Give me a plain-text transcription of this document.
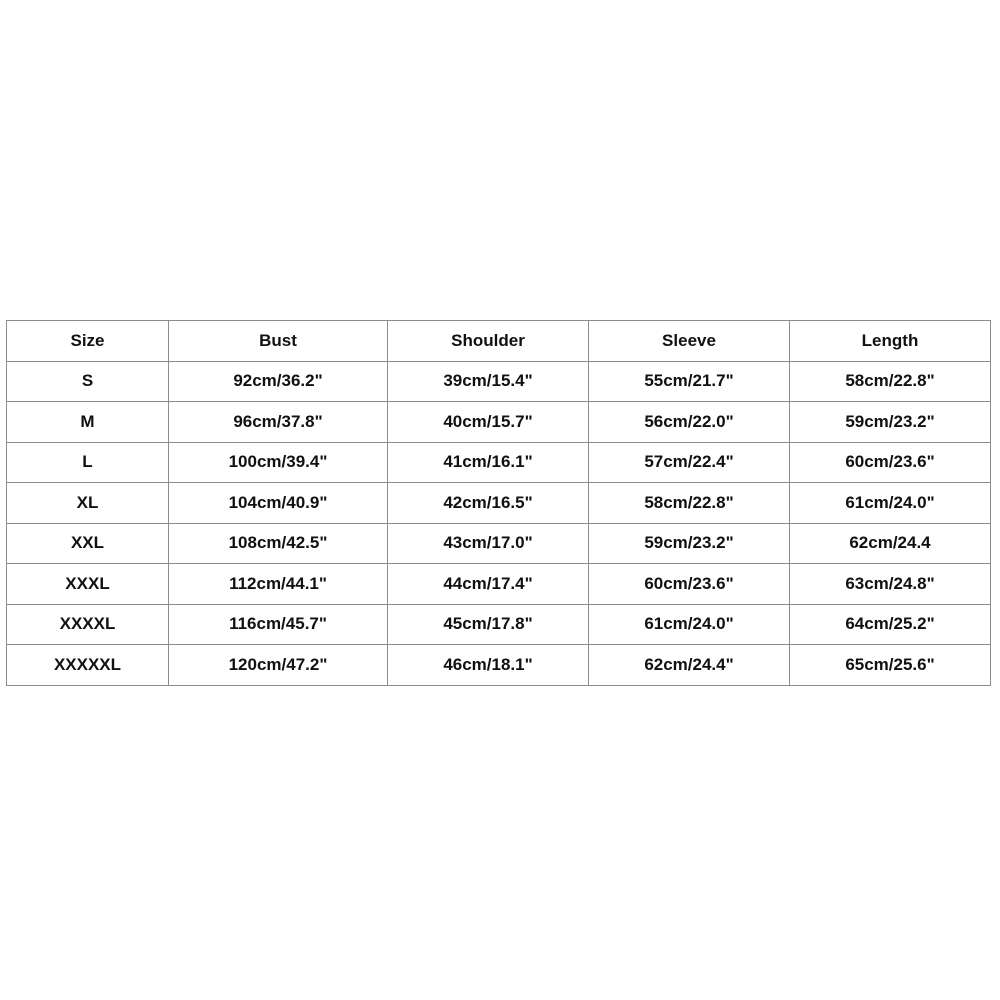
Size	Bust	Shoulder	Sleeve	Length
S	92cm/36.2"	39cm/15.4"	55cm/21.7"	58cm/22.8"
M	96cm/37.8"	40cm/15.7"	56cm/22.0"	59cm/23.2"
L	100cm/39.4"	41cm/16.1"	57cm/22.4"	60cm/23.6"
XL	104cm/40.9"	42cm/16.5"	58cm/22.8"	61cm/24.0"
XXL	108cm/42.5"	43cm/17.0"	59cm/23.2"	62cm/24.4
XXXL	112cm/44.1"	44cm/17.4"	60cm/23.6"	63cm/24.8"
XXXXL	116cm/45.7"	45cm/17.8"	61cm/24.0"	64cm/25.2"
XXXXXL	120cm/47.2"	46cm/18.1"	62cm/24.4"	65cm/25.6"
